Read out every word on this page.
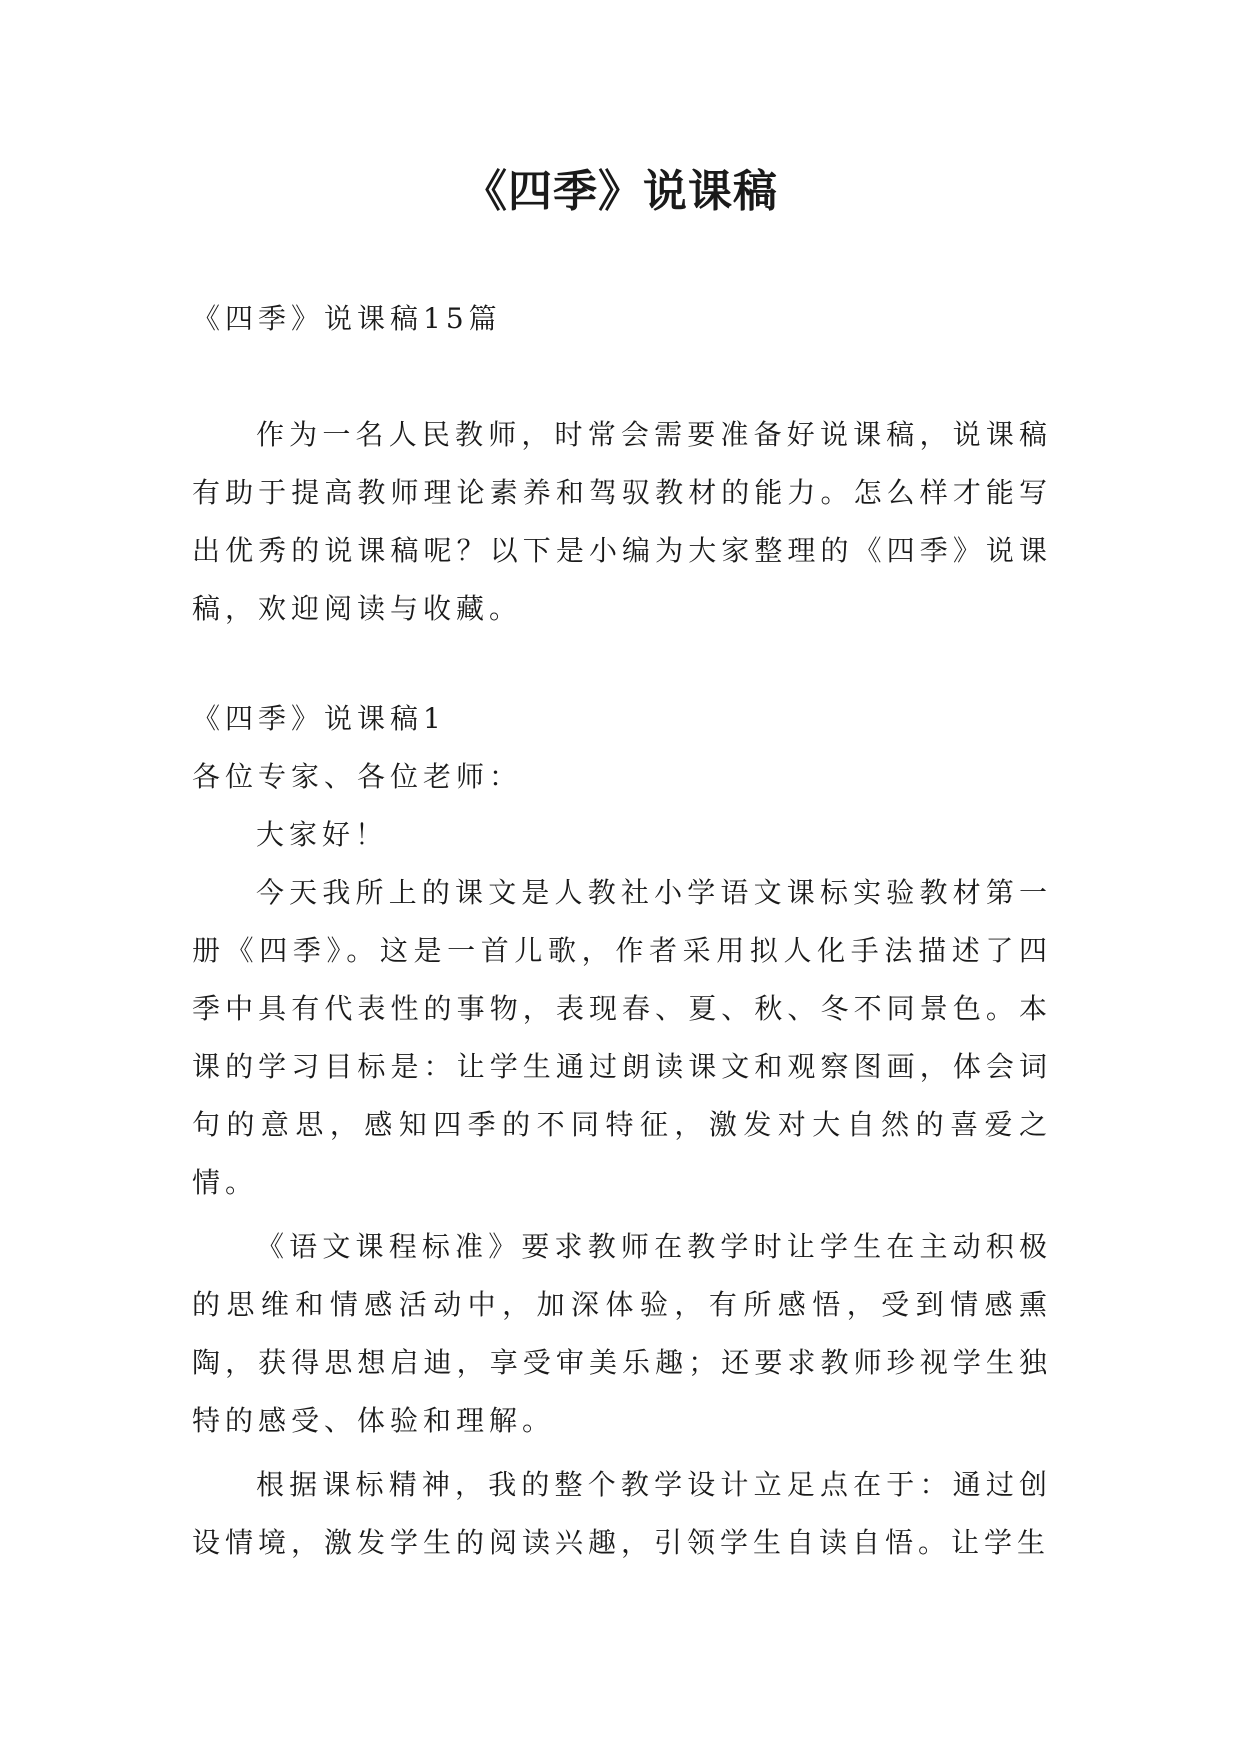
《四季》说课稿

《四季》说课稿15篇

作为一名人民教师，时常会需要准备好说课稿，说课稿有助于提高教师理论素养和驾驭教材的能力。怎么样才能写出优秀的说课稿呢？以下是小编为大家整理的《四季》说课稿，欢迎阅读与收藏。

《四季》说课稿1

各位专家、各位老师：

大家好！

今天我所上的课文是人教社小学语文课标实验教材第一册《四季》。这是一首儿歌，作者采用拟人化手法描述了四季中具有代表性的事物，表现春、夏、秋、冬不同景色。本课的学习目标是：让学生通过朗读课文和观察图画，体会词句的意思，感知四季的不同特征，激发对大自然的喜爱之情。

《语文课程标准》要求教师在教学时让学生在主动积极的思维和情感活动中，加深体验，有所感悟，受到情感熏陶，获得思想启迪，享受审美乐趣；还要求教师珍视学生独特的感受、体验和理解。

根据课标精神，我的整个教学设计立足点在于：通过创设情境，激发学生的阅读兴趣，引领学生自读自悟。让学生
